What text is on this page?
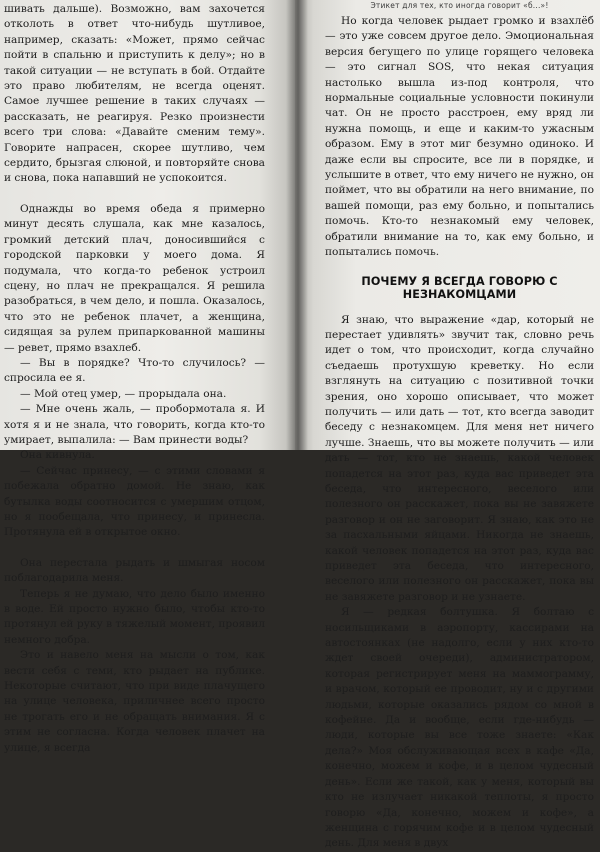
шивать дальше). Возможно, вам захочется отколоть в ответ что-нибудь шутливое, например, сказать: «Может, прямо сейчас пойти в спальню и приступить к делу»; но в такой ситуации — не вступать в бой. Отдайте это право любителям, не всегда оценят. Самое лучшее решение в таких случаях — рассказать, не реагируя. Резко произнести всего три слова: «Давайте сменим тему». Говорите напрасен, скорее шутливо, чем сердито, брызгая слюной, и повторяйте снова и снова, пока напавший не успокоится.

Однажды во время обеда я примерно минут десять слушала, как мне казалось, громкий детский плач, доносившийся с городской парковки у моего дома. Я подумала, что когда-то ребенок устроил сцену, но плач не прекращался. Я решила разобраться, в чем дело, и пошла. Оказалось, что это не ребенок плачет, а женщина, сидящая за рулем припаркованной машины — ревет, прямо взахлеб.

— Вы в порядке? Что-то случилось? — спросила ее я.

— Мой отец умер, — прорыдала она.

— Мне очень жаль, — пробормотала я. И хотя я и не знала, что говорить, когда кто-то умирает, выпалила: — Вам принести воды?

Она кивнула.

— Сейчас принесу, — с этими словами я побежала обратно домой. Не знаю, как бутылка воды соотносится с умершим отцом, но я пообещала, что принесу, и принесла. Протянула ей в открытое окно.

Она перестала рыдать и шмыгая носом поблагодарила меня.

Теперь я не думаю, что дело было именно в воде. Ей просто нужно было, чтобы кто-то протянул ей руку в тяжелый момент, проявил немного добра.

Это и навело меня на мысли о том, как вести себя с теми, кто рыдает на публике. Некоторые считают, что при виде плачущего на улице человека, приличнее всего просто не трогать его и не обращать внимания. Я с этим не согласна. Когда человек плачет на улице, я всегда

Этикет для тех, кто иногда говорит «б...»!

Но когда человек рыдает громко и взахлёб — это уже совсем другое дело. Эмоциональная версия бегущего по улице горящего человека — это сигнал SOS, что некая ситуация настолько вышла из-под контроля, что нормальные социальные условности покинули чат. Он не просто расстроен, ему вряд ли нужна помощь, и еще и каким-то ужасным образом. Ему в этот миг безумно одиноко. И даже если вы спросите, все ли в порядке, и услышите в ответ, что ему ничего не нужно, он поймет, что вы обратили на него внимание, по вашей помощи, раз ему больно, и попытались помочь. Кто-то незнакомый ему человек, обратили внимание на то, как ему больно, и попытались помочь.

ПОЧЕМУ Я ВСЕГДА ГОВОРЮ С НЕЗНАКОМЦАМИ

Я знаю, что выражение «дар, который не перестает удивлять» звучит так, словно речь идет о том, что происходит, когда случайно съедаешь протухшую креветку. Но если взглянуть на ситуацию с позитивной точки зрения, оно хорошо описывает, что может получить — или дать — тот, кто всегда заводит беседу с незнакомцем. Для меня нет ничего лучше. Знаешь, что вы можете получить — или дать — тот, кто не знаешь, какой человек попадется на этот раз, куда вас приведет эта беседа, что интересного, веселого или полезного он расскажет, пока вы не завяжете разговор и он не заговорит. Я знаю, как это не за пасхальными яйцами. Никогда не знаешь, какой человек попадется на этот раз, куда вас приведет эта беседа, что интересного, веселого или полезного он расскажет, пока вы не завяжете разговор и не узнаете.

Я — редкая болтушка. Я болтаю с носильщиками в аэропорту, кассирами на автостоянках (не надолго, если у них кто-то ждет своей очереди), администратором, которая регистрирует меня на маммограмму, и врачом, который ее проводит, ну и с другими людьми, которые оказались рядом со мной в кофейне. Да и вообще, если где-нибудь — люди, которые вы все тоже знаете: «Как дела?» Моя обслуживающая всех в кафе «Да, конечно, можем и кофе, и в целом чудесный день». Если же такой, как у меня, который вы кто не излучает никакой теплоты, я просто говорю «Да, конечно, можем и кофе», а женщина с горячим кофе и в целом чудесный день. Для меня в двух
